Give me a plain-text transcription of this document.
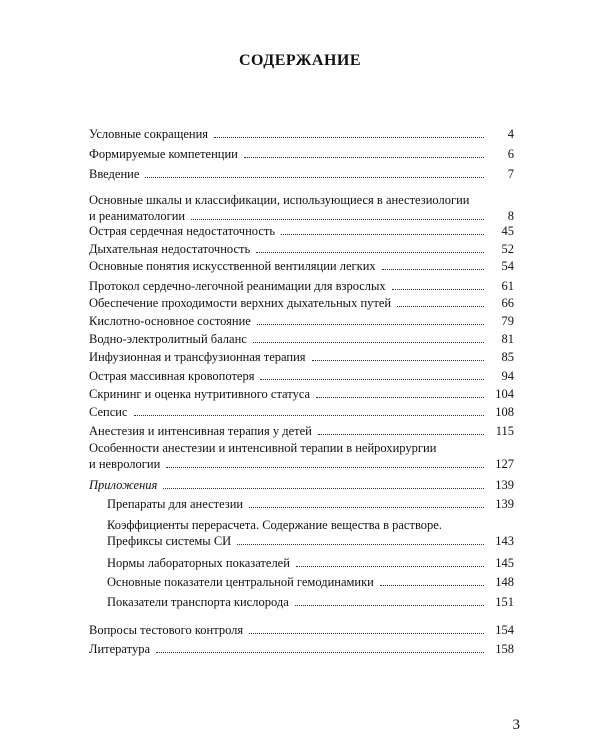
СОДЕРЖАНИЕ
Условные сокращения	4
Формируемые компетенции	6
Введение	7
Основные шкалы и классификации, использующиеся в анестезиологии
и реаниматологии	8
Острая сердечная недостаточность	45
Дыхательная недостаточность	52
Основные понятия искусственной вентиляции легких	54
Протокол сердечно-легочной реанимации для взрослых	61
Обеспечение проходимости верхних дыхательных путей	66
Кислотно-основное состояние	79
Водно-электролитный баланс	81
Инфузионная и трансфузионная терапия	85
Острая массивная кровопотеря	94
Скрининг и оценка нутритивного статуса	104
Сепсис	108
Анестезия и интенсивная терапия у детей	115
Особенности анестезии и интенсивной терапии в нейрохирургии
и неврологии	127
Приложения	139
Препараты для анестезии	139
Коэффициенты перерасчета. Содержание вещества в растворе.
Префиксы системы СИ	143
Нормы лабораторных показателей	145
Основные показатели центральной гемодинамики	148
Показатели транспорта кислорода	151
Вопросы тестового контроля	154
Литература	158
3
